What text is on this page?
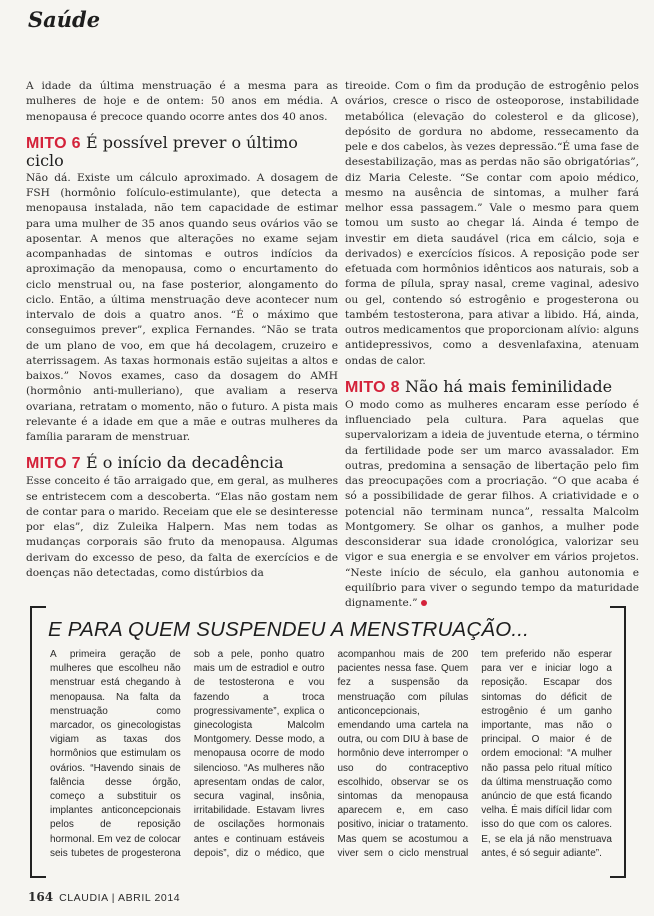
Saúde

A idade da última menstruação é a mesma para as mulheres de hoje e de ontem: 50 anos em média. A menopausa é precoce quando ocorre antes dos 40 anos.

MITO 6 É possível prever o último ciclo

Não dá. Existe um cálculo aproximado. A dosagem de FSH (hormônio folículo-estimulante), que detecta a menopausa instalada, não tem capacidade de estimar para uma mulher de 35 anos quando seus ovários vão se aposentar. A menos que alterações no exame sejam acompanhadas de sintomas e outros indícios da aproximação da menopausa, como o encurtamento do ciclo menstrual ou, na fase posterior, alongamento do ciclo. Então, a última menstruação deve acontecer num intervalo de dois a quatro anos. “É o máximo que conseguimos prever”, explica Fernandes. “Não se trata de um plano de voo, em que há decolagem, cruzeiro e aterrissagem. As taxas hormonais estão sujeitas a altos e baixos.” Novos exames, caso da dosagem do AMH (hormônio anti-mulleriano), que avaliam a reserva ovariana, retratam o momento, não o futuro. A pista mais relevante é a idade em que a mãe e outras mulheres da família pararam de menstruar.

MITO 7 É o início da decadência

Esse conceito é tão arraigado que, em geral, as mulheres se entristecem com a descoberta. “Elas não gostam nem de contar para o marido. Receiam que ele se desinteresse por elas”, diz Zuleika Halpern. Mas nem todas as mudanças corporais são fruto da menopausa. Algumas derivam do excesso de peso, da falta de exercícios e de doenças não detectadas, como distúrbios da

tireoide. Com o fim da produção de estrogênio pelos ovários, cresce o risco de osteoporose, instabilidade metabólica (elevação do colesterol e da glicose), depósito de gordura no abdome, ressecamento da pele e dos cabelos, às vezes depressão.“É uma fase de desestabilização, mas as perdas não são obrigatórias”, diz Maria Celeste. “Se contar com apoio médico, mesmo na ausência de sintomas, a mulher fará melhor essa passagem.” Vale o mesmo para quem tomou um susto ao chegar lá. Ainda é tempo de investir em dieta saudável (rica em cálcio, soja e derivados) e exercícios físicos. A reposição pode ser efetuada com hormônios idênticos aos naturais, sob a forma de pílula, spray nasal, creme vaginal, adesivo ou gel, contendo só estrogênio e progesterona ou também testosterona, para ativar a libido. Há, ainda, outros medicamentos que proporcionam alívio: alguns antidepressivos, como a desvenlafaxina, atenuam ondas de calor.

MITO 8 Não há mais feminilidade

O modo como as mulheres encaram esse período é influenciado pela cultura. Para aquelas que supervalorizam a ideia de juventude eterna, o término da fertilidade pode ser um marco avassalador. Em outras, predomina a sensação de libertação pelo fim das preocupações com a procriação. “O que acaba é só a possibilidade de gerar filhos. A criatividade e o potencial não terminam nunca”, ressalta Malcolm Montgomery. Se olhar os ganhos, a mulher pode desconsiderar sua idade cronológica, valorizar seu vigor e sua energia e se envolver em vários projetos. “Neste início de século, ela ganhou autonomia e equilíbrio para viver o segundo tempo da maturidade dignamente.”

E PARA QUEM SUSPENDEU A MENSTRUAÇÃO...

A primeira geração de mulheres que escolheu não menstruar está chegando à menopausa. Na falta da menstruação como marcador, os ginecologistas vigiam as taxas dos hormônios que estimulam os ovários. “Havendo sinais de falência desse órgão, começo a substituir os implantes anticoncepcionais pelos de reposição hormonal. Em vez de colocar seis tubetes de progesterona sob a pele, ponho quatro mais um de estradiol e outro de testosterona e vou fazendo a troca progressivamente”, explica o ginecologista Malcolm Montgomery. Desse modo, a menopausa ocorre de modo silencioso. “As mulheres não apresentam ondas de calor, secura vaginal, insônia, irritabilidade. Estavam livres de oscilações hormonais antes e continuam estáveis depois”, diz o médico, que acompanhou mais de 200 pacientes nessa fase. Quem fez a suspensão da menstruação com pílulas anticoncepcionais, emendando uma cartela na outra, ou com DIU à base de hormônio deve interromper o uso do contraceptivo escolhido, observar se os sintomas da menopausa aparecem e, em caso positivo, iniciar o tratamento. Mas quem se acostumou a viver sem o ciclo menstrual tem preferido não esperar para ver e iniciar logo a reposição. Escapar dos sintomas do déficit de estrogênio é um ganho importante, mas não o principal. O maior é de ordem emocional: “A mulher não passa pelo ritual mítico da última menstruação como anúncio de que está ficando velha. É mais difícil lidar com isso do que com os calores. E, se ela já não menstruava antes, é só seguir adiante”.

164 CLAUDIA | ABRIL 2014
